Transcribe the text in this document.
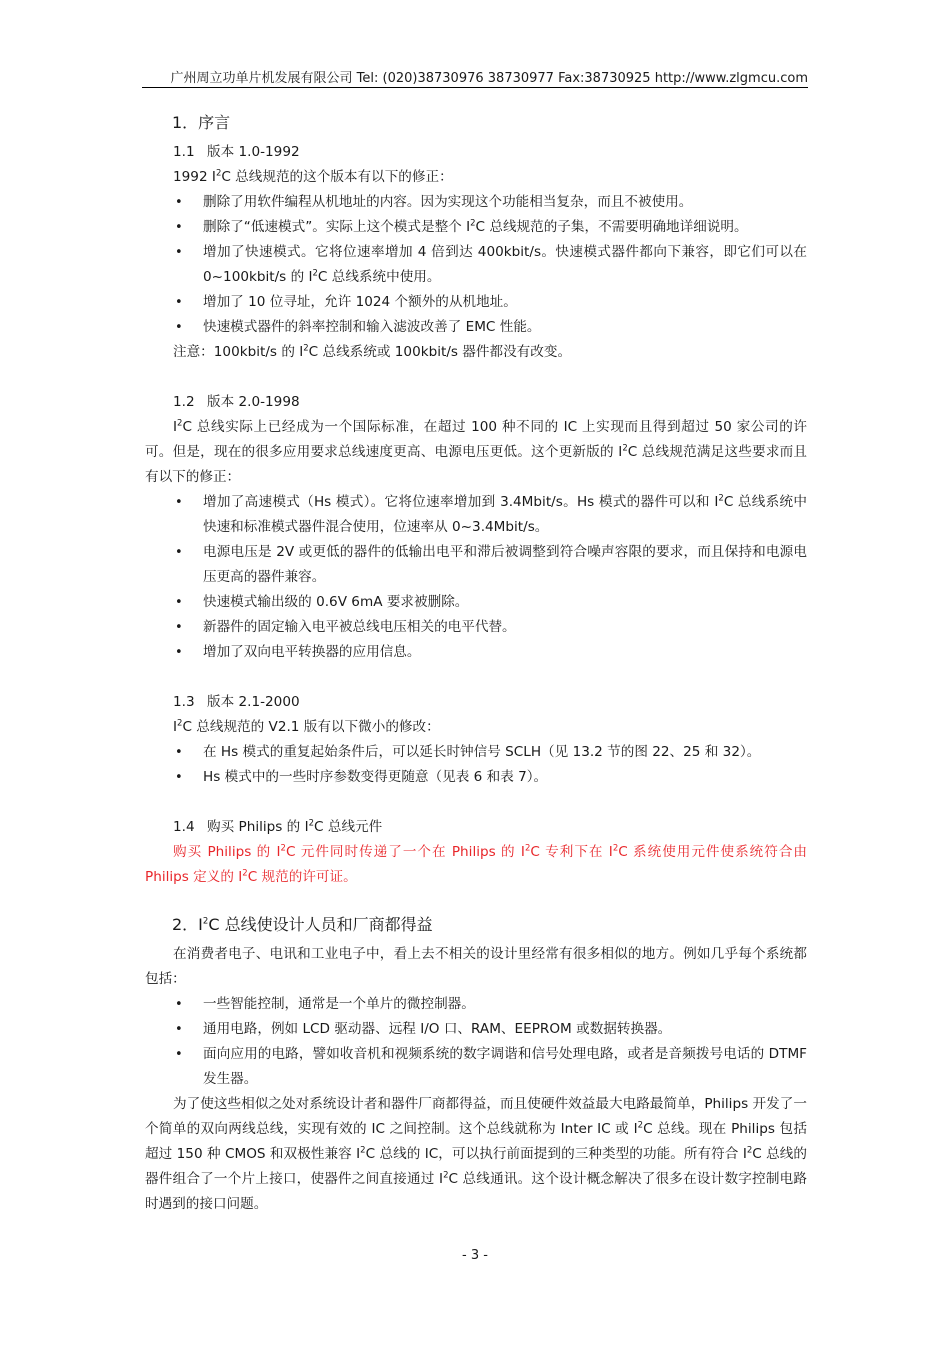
广州周立功单片机发展有限公司 Tel: (020)38730976 38730977 Fax:38730925 http://www.zlgmcu.com
1．序言
1.1 版本 1.0-1992
1992 $I^2C$ 总线规范的这个版本有以下的修正：
• 删除了用软件编程从机地址的内容。因为实现这个功能相当复杂，而且不被使用。
• 删除了“低速模式”。实际上这个模式是整个 $I^2C$ 总线规范的子集，不需要明确地详细说明。
• 增加了快速模式。它将位速率增加 4 倍到达 400kbit/s。快速模式器件都向下兼容，即它们可以在 0~100kbit/s 的 $I^2C$ 总线系统中使用。
• 增加了 10 位寻址，允许 1024 个额外的从机地址。
• 快速模式器件的斜率控制和输入滤波改善了 EMC 性能。
注意：100kbit/s 的 $I^2C$ 总线系统或 100kbit/s 器件都没有改变。
1.2 版本 2.0-1998
$I^2C$ 总线实际上已经成为一个国际标准，在超过 100 种不同的 IC 上实现而且得到超过 50 家公司的许可。但是，现在的很多应用要求总线速度更高、电源电压更低。这个更新版的 $I^2C$ 总线规范满足这些要求而且有以下的修正：
• 增加了高速模式（Hs 模式）。它将位速率增加到 3.4Mbit/s。Hs 模式的器件可以和 $I^2C$ 总线系统中快速和标准模式器件混合使用，位速率从 0~3.4Mbit/s。
• 电源电压是 2V 或更低的器件的低输出电平和滞后被调整到符合噪声容限的要求，而且保持和电源电压更高的器件兼容。
• 快速模式输出级的 0.6V 6mA 要求被删除。
• 新器件的固定输入电平被总线电压相关的电平代替。
• 增加了双向电平转换器的应用信息。
1.3 版本 2.1-2000
$I^2C$ 总线规范的 V2.1 版有以下微小的修改：
• 在 Hs 模式的重复起始条件后，可以延长时钟信号 SCLH（见 13.2 节的图 22、25 和 32）。
• Hs 模式中的一些时序参数变得更随意（见表 6 和表 7）。
1.4 购买 Philips 的 $I^2C$ 总线元件
购买 Philips 的 $I^2C$ 元件同时传递了一个在 Philips 的 $I^2C$ 专利下在 $I^2C$ 系统使用元件使系统符合由 Philips 定义的 $I^2C$ 规范的许可证。
2．$I^2C$ 总线使设计人员和厂商都得益
在消费者电子、电讯和工业电子中，看上去不相关的设计里经常有很多相似的地方。例如几乎每个系统都包括：
• 一些智能控制，通常是一个单片的微控制器。
• 通用电路，例如 LCD 驱动器、远程 I/O 口、RAM、EEPROM 或数据转换器。
• 面向应用的电路，譬如收音机和视频系统的数字调谐和信号处理电路，或者是音频拨号电话的 DTMF 发生器。
为了使这些相似之处对系统设计者和器件厂商都得益，而且使硬件效益最大电路最简单，Philips 开发了一个简单的双向两线总线，实现有效的 IC 之间控制。这个总线就称为 Inter IC 或 $I^2C$ 总线。现在 Philips 包括超过 150 种 CMOS 和双极性兼容 $I^2C$ 总线的 IC，可以执行前面提到的三种类型的功能。所有符合 $I^2C$ 总线的器件组合了一个片上接口，使器件之间直接通过 $I^2C$ 总线通讯。这个设计概念解决了很多在设计数字控制电路时遇到的接口问题。
- 3 -
